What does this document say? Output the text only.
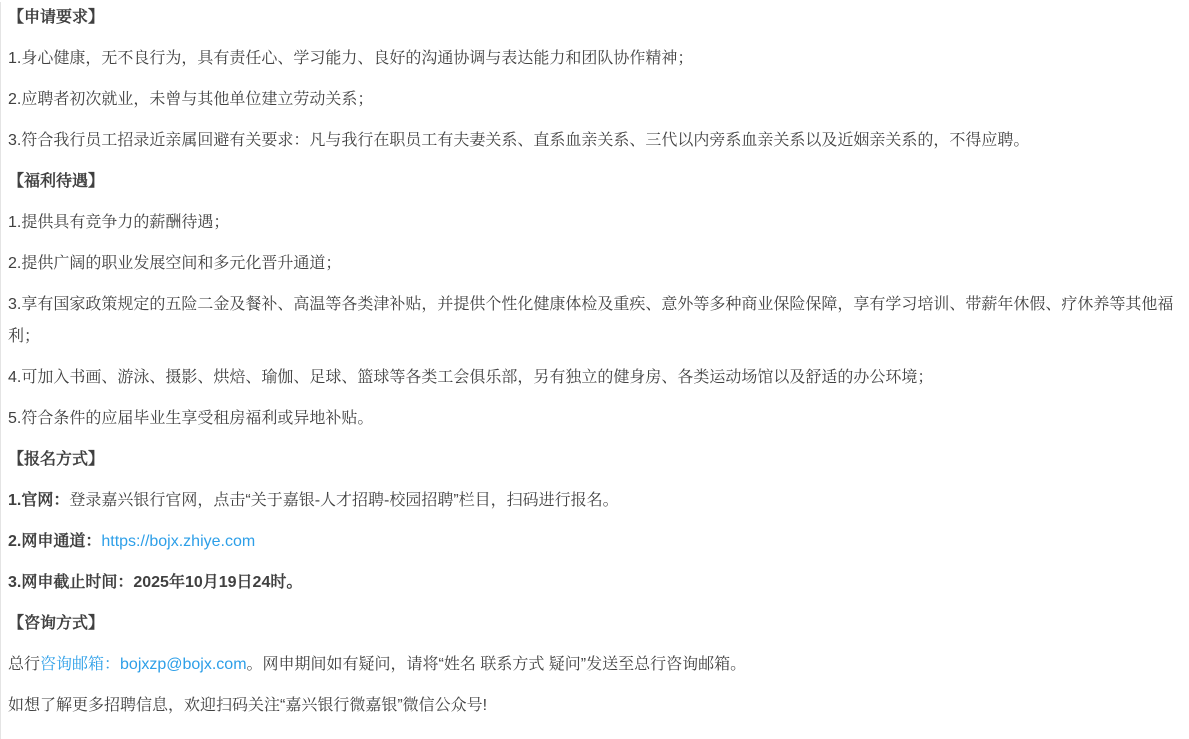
【申请要求】

1.身心健康，无不良行为，具有责任心、学习能力、良好的沟通协调与表达能力和团队协作精神；

2.应聘者初次就业，未曾与其他单位建立劳动关系；

3.符合我行员工招录近亲属回避有关要求：凡与我行在职员工有夫妻关系、直系血亲关系、三代以内旁系血亲关系以及近姻亲关系的，不得应聘。

【福利待遇】

1.提供具有竞争力的薪酬待遇；

2.提供广阔的职业发展空间和多元化晋升通道；

3.享有国家政策规定的五险二金及餐补、高温等各类津补贴，并提供个性化健康体检及重疾、意外等多种商业保险保障，享有学习培训、带薪年休假、疗休养等其他福利；

4.可加入书画、游泳、摄影、烘焙、瑜伽、足球、篮球等各类工会俱乐部，另有独立的健身房、各类运动场馆以及舒适的办公环境；

5.符合条件的应届毕业生享受租房福利或异地补贴。

【报名方式】

1.官网：登录嘉兴银行官网，点击“关于嘉银-人才招聘-校园招聘”栏目，扫码进行报名。

2.网申通道：https://bojx.zhiye.com

3.网申截止时间：2025年10月19日24时。

【咨询方式】

总行咨询邮箱：bojxzp@bojx.com。网申期间如有疑问，请将“姓名 联系方式 疑问”发送至总行咨询邮箱。

如想了解更多招聘信息，欢迎扫码关注“嘉兴银行微嘉银”微信公众号!
